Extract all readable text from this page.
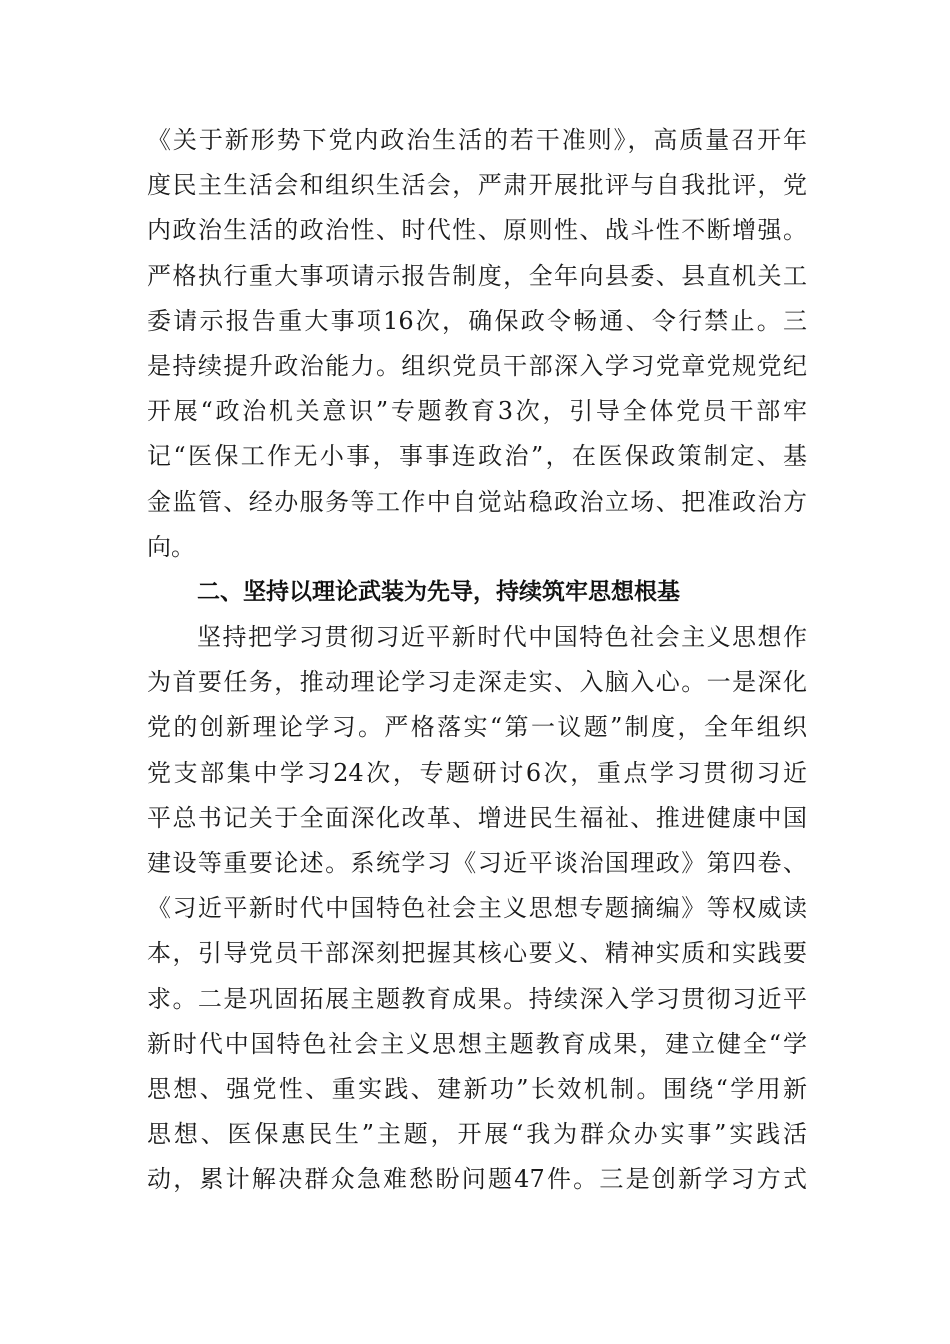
《关于新形势下党内政治生活的若干准则》，高质量召开年
度民主生活会和组织生活会，严肃开展批评与自我批评，党
内政治生活的政治性、时代性、原则性、战斗性不断增强。
严格执行重大事项请示报告制度，全年向县委、县直机关工
委请示报告重大事项16次，确保政令畅通、令行禁止。三
是持续提升政治能力。组织党员干部深入学习党章党规党纪
开展“政治机关意识”专题教育3次，引导全体党员干部牢
记“医保工作无小事，事事连政治”，在医保政策制定、基
金监管、经办服务等工作中自觉站稳政治立场、把准政治方
向。
二、坚持以理论武装为先导，持续筑牢思想根基
坚持把学习贯彻习近平新时代中国特色社会主义思想作
为首要任务，推动理论学习走深走实、入脑入心。一是深化
党的创新理论学习。严格落实“第一议题”制度，全年组织
党支部集中学习24次，专题研讨6次，重点学习贯彻习近
平总书记关于全面深化改革、增进民生福祉、推进健康中国
建设等重要论述。系统学习《习近平谈治国理政》第四卷、
《习近平新时代中国特色社会主义思想专题摘编》等权威读
本，引导党员干部深刻把握其核心要义、精神实质和实践要
求。二是巩固拓展主题教育成果。持续深入学习贯彻习近平
新时代中国特色社会主义思想主题教育成果，建立健全“学
思想、强党性、重实践、建新功”长效机制。围绕“学用新
思想、医保惠民生”主题，开展“我为群众办实事”实践活
动，累计解决群众急难愁盼问题47件。三是创新学习方式
